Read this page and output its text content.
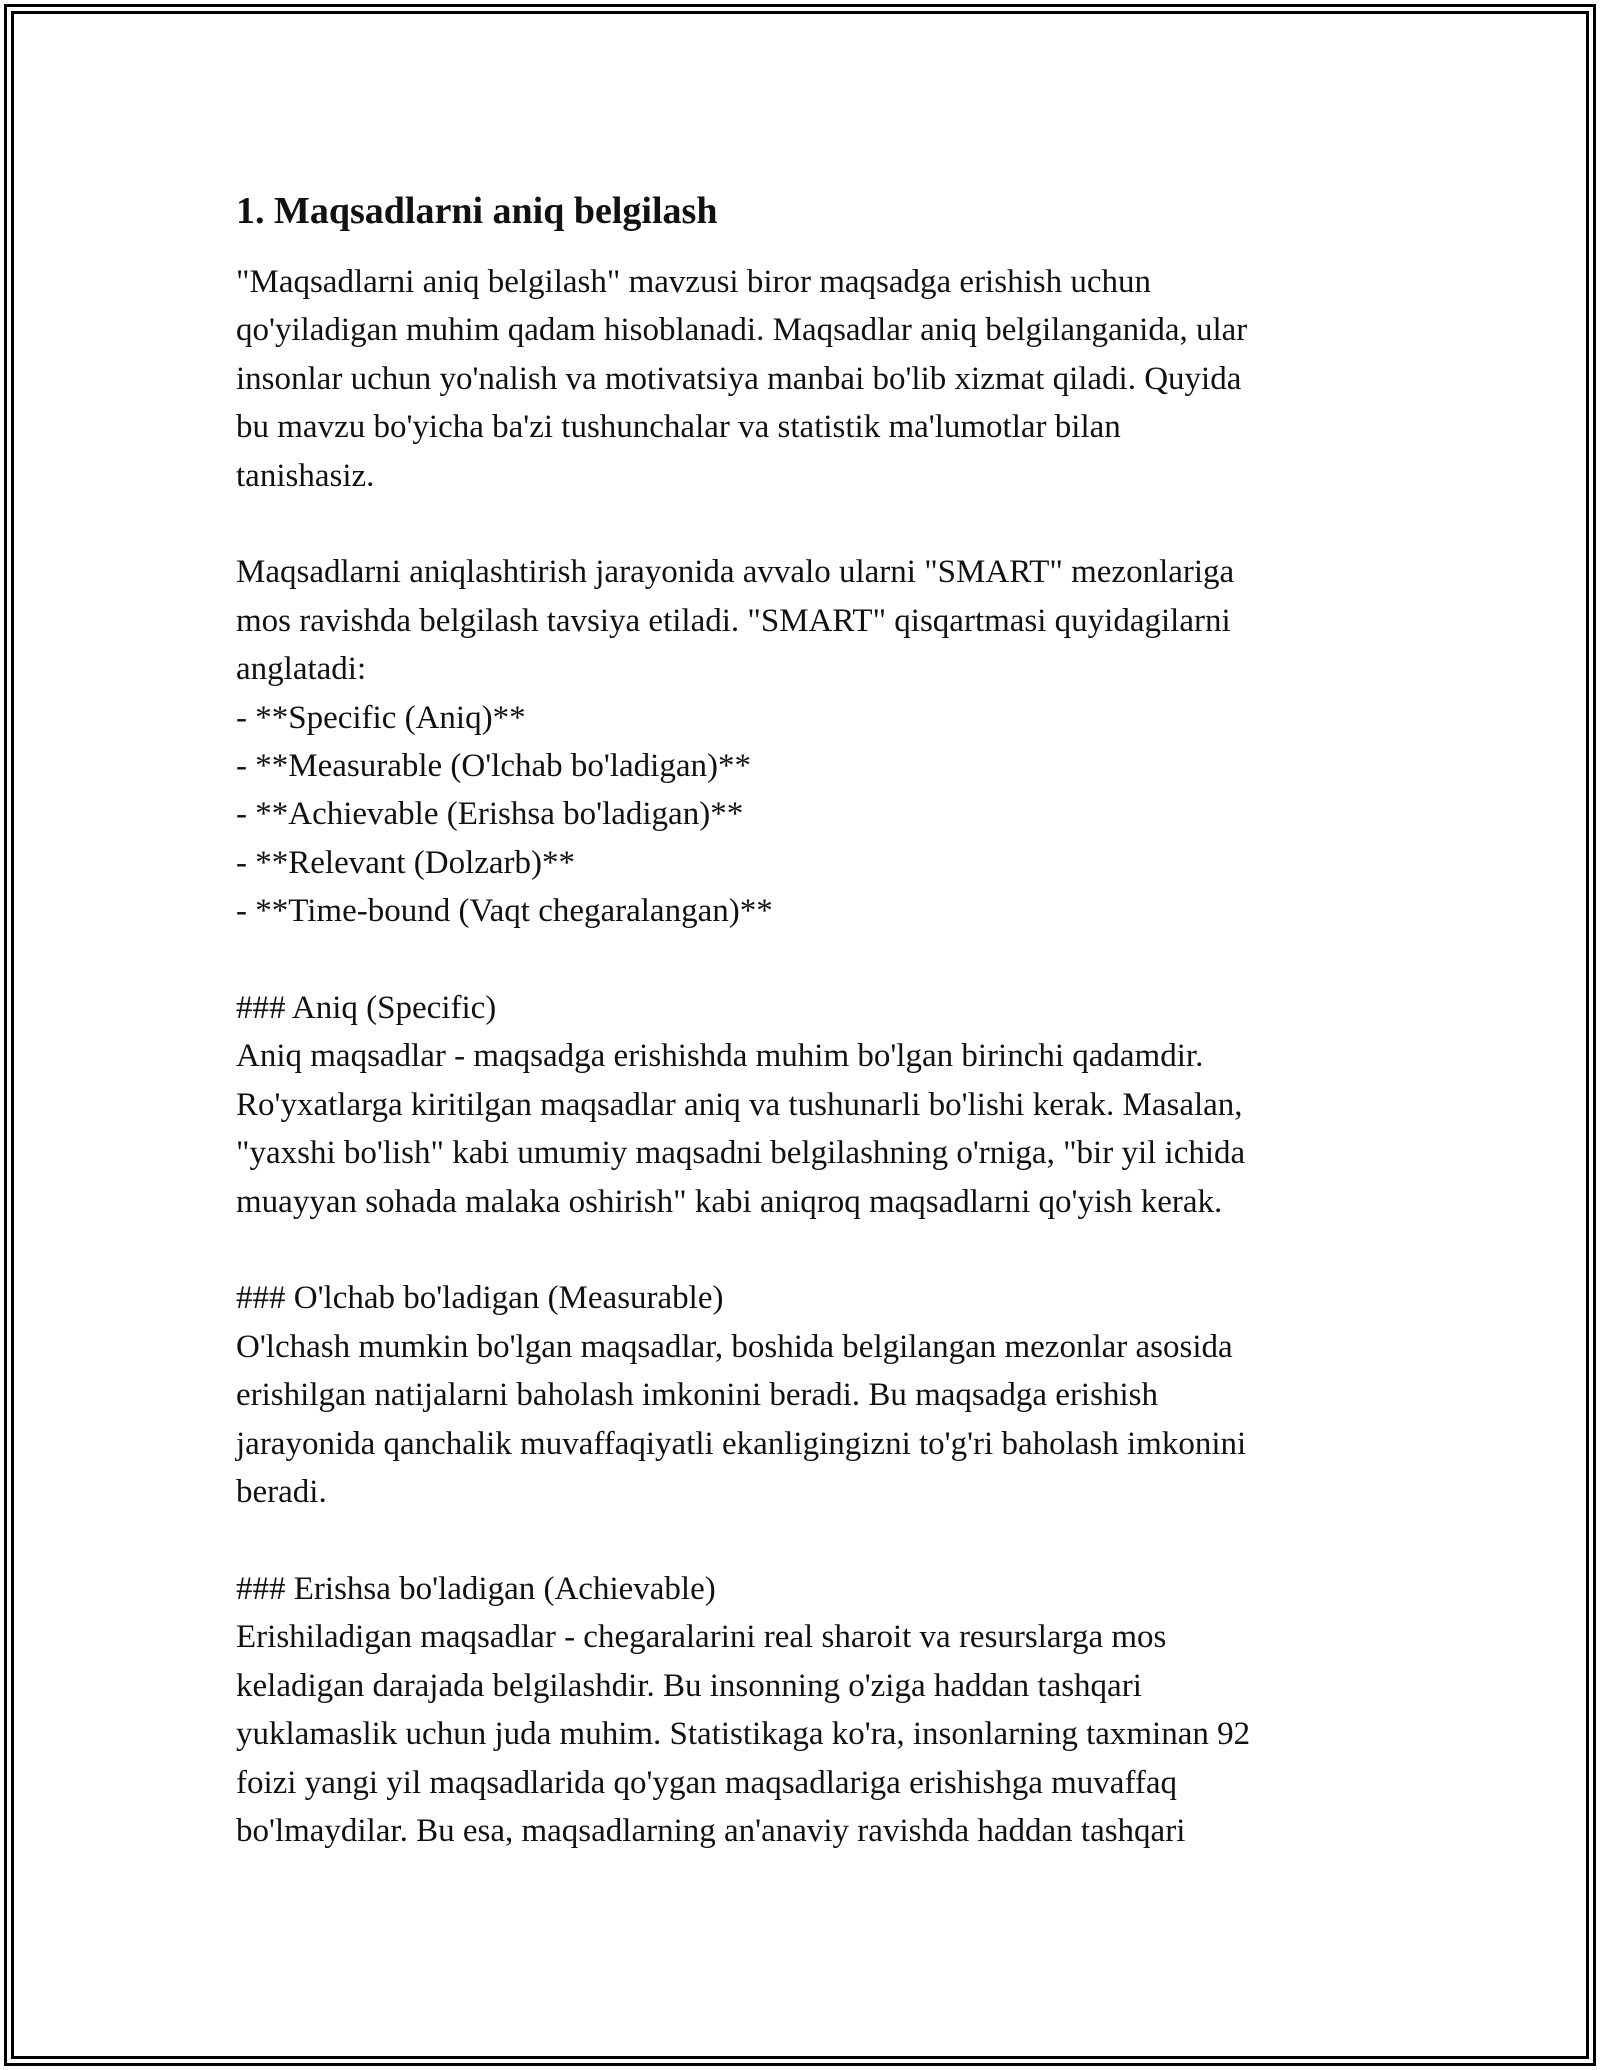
1. Maqsadlarni aniq belgilash

"Maqsadlarni aniq belgilash" mavzusi biror maqsadga erishish uchun
qo'yiladigan muhim qadam hisoblanadi. Maqsadlar aniq belgilanganida, ular
insonlar uchun yo'nalish va motivatsiya manbai bo'lib xizmat qiladi. Quyida
bu mavzu bo'yicha ba'zi tushunchalar va statistik ma'lumotlar bilan
tanishasiz.

Maqsadlarni aniqlashtirish jarayonida avvalo ularni "SMART" mezonlariga
mos ravishda belgilash tavsiya etiladi. "SMART" qisqartmasi quyidagilarni
anglatadi:
- **Specific (Aniq)**
- **Measurable (O'lchab bo'ladigan)**
- **Achievable (Erishsa bo'ladigan)**
- **Relevant (Dolzarb)**
- **Time-bound (Vaqt chegaralangan)**

### Aniq (Specific)
Aniq maqsadlar - maqsadga erishishda muhim bo'lgan birinchi qadamdir.
Ro'yxatlarga kiritilgan maqsadlar aniq va tushunarli bo'lishi kerak. Masalan,
"yaxshi bo'lish" kabi umumiy maqsadni belgilashning o'rniga, "bir yil ichida
muayyan sohada malaka oshirish" kabi aniqroq maqsadlarni qo'yish kerak.

### O'lchab bo'ladigan (Measurable)
O'lchash mumkin bo'lgan maqsadlar, boshida belgilangan mezonlar asosida
erishilgan natijalarni baholash imkonini beradi. Bu maqsadga erishish
jarayonida qanchalik muvaffaqiyatli ekanligingizni to'g'ri baholash imkonini
beradi.

### Erishsa bo'ladigan (Achievable)
Erishiladigan maqsadlar - chegaralarini real sharoit va resurslarga mos
keladigan darajada belgilashdir. Bu insonning o'ziga haddan tashqari
yuklamaslik uchun juda muhim. Statistikaga ko'ra, insonlarning taxminan 92
foizi yangi yil maqsadlarida qo'ygan maqsadlariga erishishga muvaffaq
bo'lmaydilar. Bu esa, maqsadlarning an'anaviy ravishda haddan tashqari
